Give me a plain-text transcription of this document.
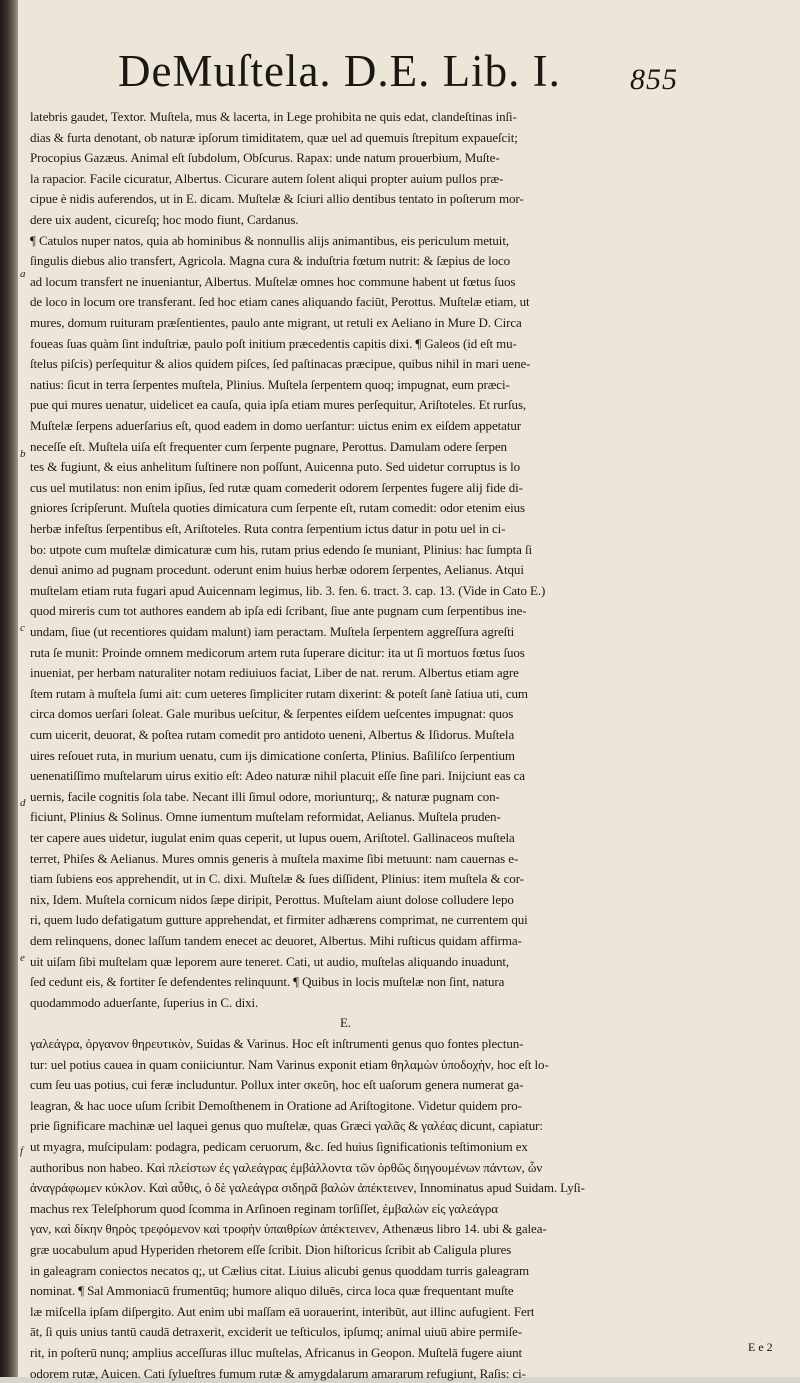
a
b
c
d
e
f
DeMuſtela. D.E. Lib. I. 855
latebris gaudet, Textor. Muſtela, mus & lacerta, in Lege prohibita ne quis edat, clandeſtinas inſi-
dias & furta denotant, ob naturæ ipſorum timiditatem, quæ uel ad quemuis ſtrepitum expaueſcit;
Procopius Gazæus. Animal eſt ſubdolum, Obſcurus. Rapax: unde natum prouerbium, Muſte-
la rapacior. Facile cicuratur, Albertus. Cicurare autem ſolent aliqui propter auium pullos præ-
cipue è nidis auferendos, ut in E. dicam. Muſtelæ & ſciuri allio dentibus tentato in poſterum mor-
dere uix audent, cicureſq; hoc modo fiunt, Cardanus.
¶ Catulos nuper natos, quia ab hominibus & nonnullis alijs animantibus, eis periculum metuit,
ſingulis diebus alio transfert, Agricola. Magna cura & induſtria fœtum nutrit: & ſæpius de loco
ad locum transfert ne inueniantur, Albertus. Muſtelæ omnes hoc commune habent ut fœtus ſuos
de loco in locum ore transferant. ſed hoc etiam canes aliquando faciūt, Perottus. Muſtelæ etiam, ut
mures, domum ruituram præſentientes, paulo ante migrant, ut retuli ex Aeliano in Mure D. Circa
foueas ſuas quàm ſint induſtriæ, paulo poſt initium præcedentis capitis dixi. ¶ Galeos (id eſt mu-
ſtelus piſcis) perſequitur & alios quidem piſces, ſed paſtinacas præcipue, quibus nihil in mari uene-
natius: ſicut in terra ſerpentes muſtela, Plinius. Muſtela ſerpentem quoq; impugnat, eum præci-
pue qui mures uenatur, uidelicet ea cauſa, quia ipſa etiam mures perſequitur, Ariſtoteles. Et rurſus,
Muſtelæ ſerpens aduerſarius eſt, quod eadem in domo uerſantur: uictus enim ex eiſdem appetatur
neceſſe eſt. Muſtela uiſa eſt frequenter cum ſerpente pugnare, Perottus. Damulam odere ſerpen
tes & fugiunt, & eius anhelitum ſuſtinere non poſſunt, Auicenna puto. Sed uidetur corruptus is lo
cus uel mutilatus: non enim ipſius, ſed rutæ quam comederit odorem ſerpentes fugere alij fide di-
gniores ſcripſerunt. Muſtela quoties dimicatura cum ſerpente eſt, rutam comedit: odor etenim eius
herbæ infeſtus ſerpentibus eſt, Ariſtoteles. Ruta contra ſerpentium ictus datur in potu uel in ci-
bo: utpote cum muſtelæ dimicaturæ cum his, rutam prius edendo ſe muniant, Plinius: hac ſumpta ſi
denuì animo ad pugnam procedunt. oderunt enim huius herbæ odorem ſerpentes, Aelianus. Atqui
muſtelam etiam ruta fugari apud Auicennam legimus, lib. 3. fen. 6. tract. 3. cap. 13. (Vide in Cato E.)
quod mireris cum tot authores eandem ab ipſa edi ſcribant, ſiue ante pugnam cum ſerpentibus ine-
undam, ſiue (ut recentiores quidam malunt) iam peractam. Muſtela ſerpentem aggreſſura agreſti
ruta ſe munit: Proinde omnem medicorum artem ruta ſuperare dicitur: ita ut ſi mortuos fœtus ſuos
inueniat, per herbam naturaliter notam rediuiuos faciat, Liber de nat. rerum. Albertus etiam agre
ſtem rutam à muſtela ſumi ait: cum ueteres ſimpliciter rutam dixerint: & poteſt ſanè ſatiua uti, cum
circa domos uerſari ſoleat. Gale muribus ueſcitur, & ſerpentes eiſdem ueſcentes impugnat: quos
cum uicerit, deuorat, & poſtea rutam comedit pro antidoto ueneni, Albertus & Iſidorus. Muſtela
uires reſouet ruta, in murium uenatu, cum ijs dimicatione conſerta, Plinius. Baſiliſco ſerpentium
uenenatiſſimo muſtelarum uirus exitio eſt: Adeo naturæ nihil placuit eſſe ſine pari. Inijciunt eas ca
uernis, facile cognitis ſola tabe. Necant illi ſimul odore, moriunturq;, & naturæ pugnam con-
ficiunt, Plinius & Solinus. Omne iumentum muſtelam reformidat, Aelianus. Muſtela pruden-
ter capere aues uidetur, iugulat enim quas ceperit, ut lupus ouem, Ariſtotel. Gallinaceos muſtela
terret, Phiſes & Aelianus. Mures omnis generis à muſtela maxime ſibi metuunt: nam cauernas e-
tiam ſubiens eos apprehendit, ut in C. dixi. Muſtelæ & ſues diſſident, Plinius: item muſtela & cor-
nix, Idem. Muſtela cornicum nidos ſæpe diripit, Perottus. Muſtelam aiunt dolose colludere lepo
ri, quem ludo defatigatum gutture apprehendat, et firmiter adhærens comprimat, ne currentem qui
dem relinquens, donec laſſum tandem enecet ac deuoret, Albertus. Mihi ruſticus quidam affirma-
uit uiſam ſibi muſtelam quæ leporem aure teneret. Cati, ut audio, muſtelas aliquando inuadunt,
ſed cedunt eis, & fortiter ſe defendentes relinquunt. ¶ Quibus in locis muſtelæ non ſint, natura
quodammodo aduerſante, ſuperius in C. dixi.
E.
γαλεάγρα, ὀργανον θηρευτικὸν, Suidas & Varinus. Hoc eſt inſtrumenti genus quo fontes plectun-
tur: uel potius cauea in quam coniiciuntur. Nam Varinus exponit etiam θηλαμὼν ὑποδοχὴν, hoc eſt lo-
cum ſeu uas potius, cui feræ includuntur. Pollux inter σκεῦη, hoc eſt uaſorum genera numerat ga-
leagran, & hac uoce uſum ſcribit Demoſthenem in Oratione ad Ariſtogitone. Videtur quidem pro-
prie ſignificare machinæ uel laquei genus quo muſtelæ, quas Græci γαλᾶς & γαλέας dicunt, capiatur:
ut myagra, muſcipulam: podagra, pedicam ceruorum, &c. ſed huius ſignificationis teſtimonium ex
authoribus non habeo. Καὶ πλείστων ἐς γαλεάγρας ἐμβάλλοντα τῶν ὀρθῶς διηγουμένων πάντων, ὧν
ἀναγράφωμεν κύκλον. Καὶ αὖθις, ὁ δὲ γαλεάγρα σιδηρᾶ βαλὼν ἀπέκτεινεν, Innominatus apud Suidam. Lyſi-
machus rex Teleſphorum quod ſcomma in Arſinoen reginam torſiſſet, ἐμβαλὼν εἰς γαλεάγρα
γαν, καὶ δίκην θηρὸς τρεφόμενον καὶ τροφὴν ὑπαιθρίων ἀπέκτεινεν, Athenæus libro 14. ubi & galea-
græ uocabulum apud Hyperiden rhetorem eſſe ſcribit. Dion hiſtoricus ſcribit ab Caligula plures
in galeagram coniectos necatos q;, ut Cælius citat. Liuius alicubi genus quoddam turris galeagram
nominat. ¶ Sal Ammoniacū frumentūq; humore aliquo diluēs, circa loca quæ frequentant muſte
læ miſcella ipſam diſpergito. Aut enim ubi maſſam eā uorauerint, interibūt, aut illinc aufugient. Fert
āt, ſi quis unius tantū caudā detraxerit, exciderit ue teſticulos, ipſumq; animal uiuū abire permiſe-
rit, in poſterū nunq; amplius acceſſuras illuc muſtelas, Africanus in Geopon. Muſtelā fugere aiunt
odorem rutæ, Auicen. Cati ſylueſtres fumum rutæ & amygdalarum amararum refugiunt, Raſis: ci-
E e 2
